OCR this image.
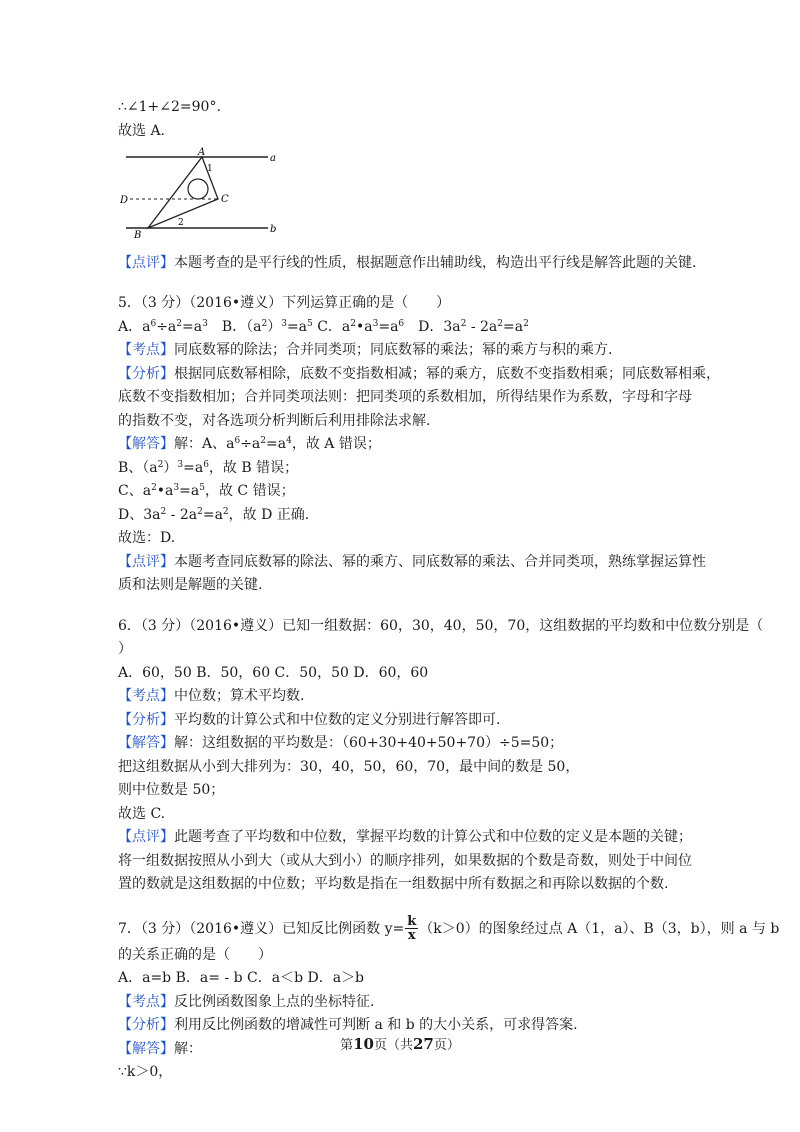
∴∠1+∠2=90°.
故选 A.
A
a
1
D	C
B
2
b
【点评】本题考查的是平行线的性质，根据题意作出辅助线，构造出平行线是解答此题的关键.
5．（3 分）（2016•遵义）下列运算正确的是（　　）
A．$a^6\div a^2=a^3$　B．$(a^2)^3=a^5$ C．$a^2•a^3=a^6$　D．$3a^2 - 2a^2=a^2$
【考点】同底数幂的除法；合并同类项；同底数幂的乘法；幂的乘方与积的乘方.
【分析】根据同底数幂相除，底数不变指数相减；幂的乘方，底数不变指数相乘；同底数幂相乘，
底数不变指数相加；合并同类项法则：把同类项的系数相加，所得结果作为系数，字母和字母
的指数不变，对各选项分析判断后利用排除法求解.
【解答】解：A、$a^6\div a^2=a^4$，故 A 错误；
B、$(a^2)^3=a^6$，故 B 错误；
C、$a^2•a^3=a^5$，故 C 错误；
D、$3a^2 - 2a^2=a^2$，故 D 正确.
故选：D.
【点评】本题考查同底数幂的除法、幂的乘方、同底数幂的乘法、合并同类项，熟练掌握运算性
质和法则是解题的关键.
6．（3 分）（2016•遵义）已知一组数据：60，30，40，50，70，这组数据的平均数和中位数分别是（
）
A．60，50 B．50，60 C．50，50 D．60，60
【考点】中位数；算术平均数.
【分析】平均数的计算公式和中位数的定义分别进行解答即可.
【解答】解：这组数据的平均数是：（60+30+40+50+70）÷5=50；
把这组数据从小到大排列为：30，40，50，60，70，最中间的数是 50，
则中位数是 50；
故选 C.
【点评】此题考查了平均数和中位数，掌握平均数的计算公式和中位数的定义是本题的关键；
将一组数据按照从小到大（或从大到小）的顺序排列，如果数据的个数是奇数，则处于中间位
置的数就是这组数据的中位数；平均数是指在一组数据中所有数据之和再除以数据的个数.
7．（3 分）（2016•遵义）已知反比例函数 $y= \frac{k}{x} (k>0)$的图象经过点 A（1，a）、B（3，b），则 a 与 b
的关系正确的是（　　）
A．a=b B．a= - b C．a＜b D．a＞b
【考点】反比例函数图象上点的坐标特征.
【分析】利用反比例函数的增减性可判断 a 和 b 的大小关系，可求得答案.
【解答】解：
∵k＞0，
第10页（共27页）
